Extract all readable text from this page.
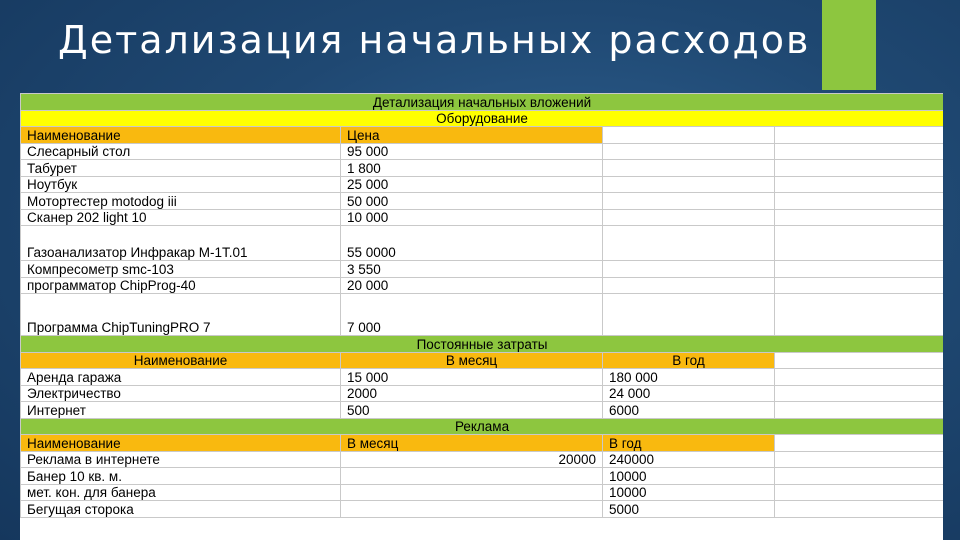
Детализация начальных расходов
Детализация начальных вложений			
Оборудование			
Наименование	Цена		
Слесарный стол	95 000		
Табурет	1 800		
Ноутбук	25 000		
Мотортестер motodog iii	50 000		
Сканер 202 light 10	10 000		
Газоанализатор Инфракар М-1Т.01	55 0000		
Компресометр smc-103	3 550		
программатор ChipProg-40	20 000		
Программа ChipTuningPRO 7	7 000		
Постоянные затраты			
Наименование	В месяц	В год	
Аренда гаража	15 000	180 000	
Электричество	2000	24 000	
Интернет	500	6000	
Реклама			
Наименование	В месяц	В год	
Реклама в интернете	20000	240000	
Банер 10 кв. м.		10000	
мет. кон. для банера		10000	
Бегущая сторока		5000	
